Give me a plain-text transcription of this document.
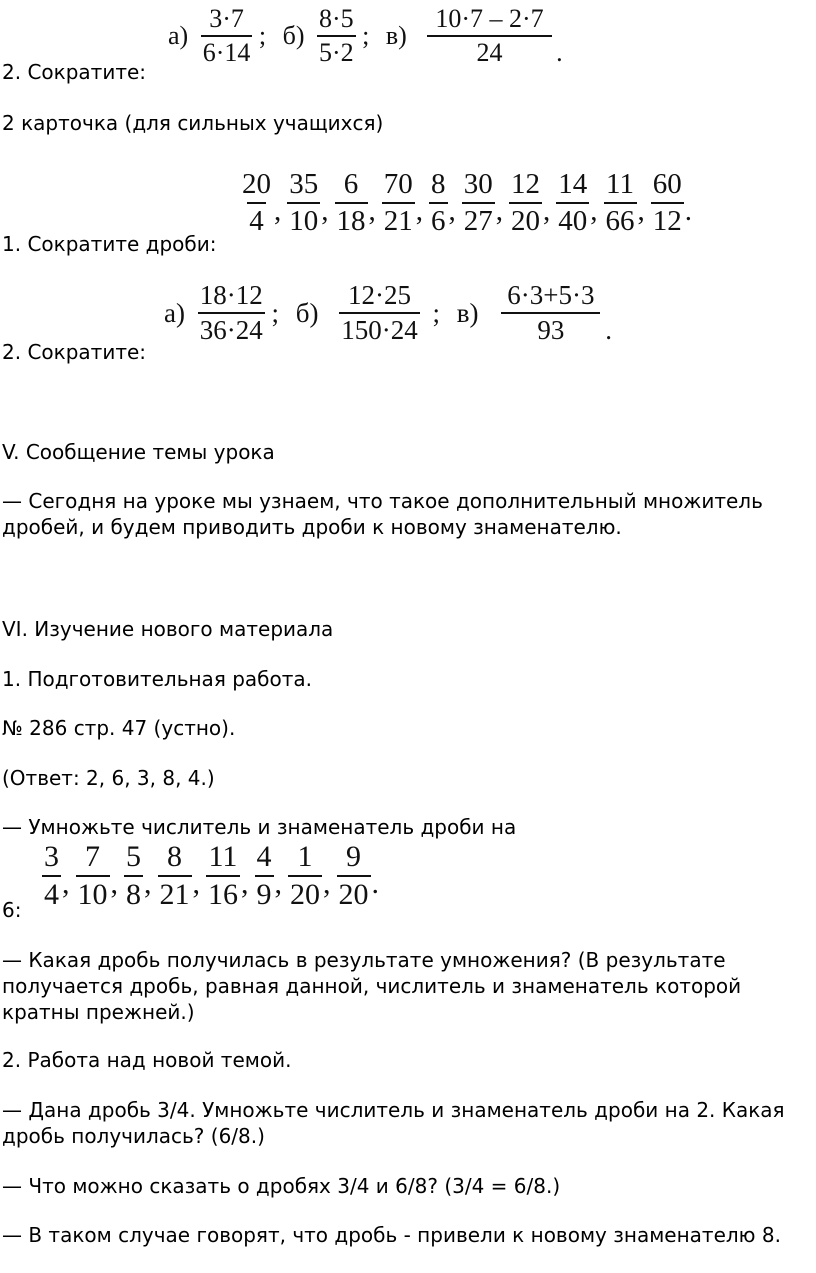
2. Сократите:
2 карточка (для сильных учащихся)
1. Сократите дроби:
2. Сократите:
V. Сообщение темы урока
— Сегодня на уроке мы узнаем, что такое дополнительный множитель
дробей, и будем приводить дроби к новому знаменателю.
VI. Изучение нового материала
1. Подготовительная работа.
№ 286 стр. 47 (устно).
(Ответ: 2, 6, 3, 8, 4.)
— Умножьте числитель и знаменатель дроби на
6:
— Какая дробь получилась в результате умножения? (В результате
получается дробь, равная данной, числитель и знаменатель которой
кратны прежней.)
2. Работа над новой темой.
— Дана дробь 3/4. Умножьте числитель и знаменатель дроби на 2. Какая
дробь получилась? (6/8.)
— Что можно сказать о дробях 3/4 и 6/8? (3/4 = 6/8.)
— В таком случае говорят, что дробь - привели к новому знаменателю 8.
$а) \frac{3\cdot 7}{6\cdot 14}$ ; $б) \frac{8\cdot 5}{5\cdot 2}$ ; $в) \frac{10\cdot 7 - 2\cdot 7}{24}$ .
$\frac{20}{4}$ , $\frac{35}{10}$ , $\frac{6}{18}$ , $\frac{70}{21}$ , $\frac{8}{6}$ , $\frac{30}{27}$ , $\frac{12}{20}$ , $\frac{14}{40}$ , $\frac{11}{66}$ , $\frac{60}{12}$ .
$а) \frac{18\cdot 12}{36\cdot 24}$ ; $б) \frac{12\cdot 25}{150\cdot 24}$ ; $в) \frac{6\cdot 3+5\cdot 3}{93}$ .
$\frac{3}{4}$ , $\frac{7}{10}$ , $\frac{5}{8}$ , $\frac{8}{21}$ , $\frac{11}{16}$ , $\frac{4}{9}$ , $\frac{1}{20}$ , $\frac{9}{20}$ .
